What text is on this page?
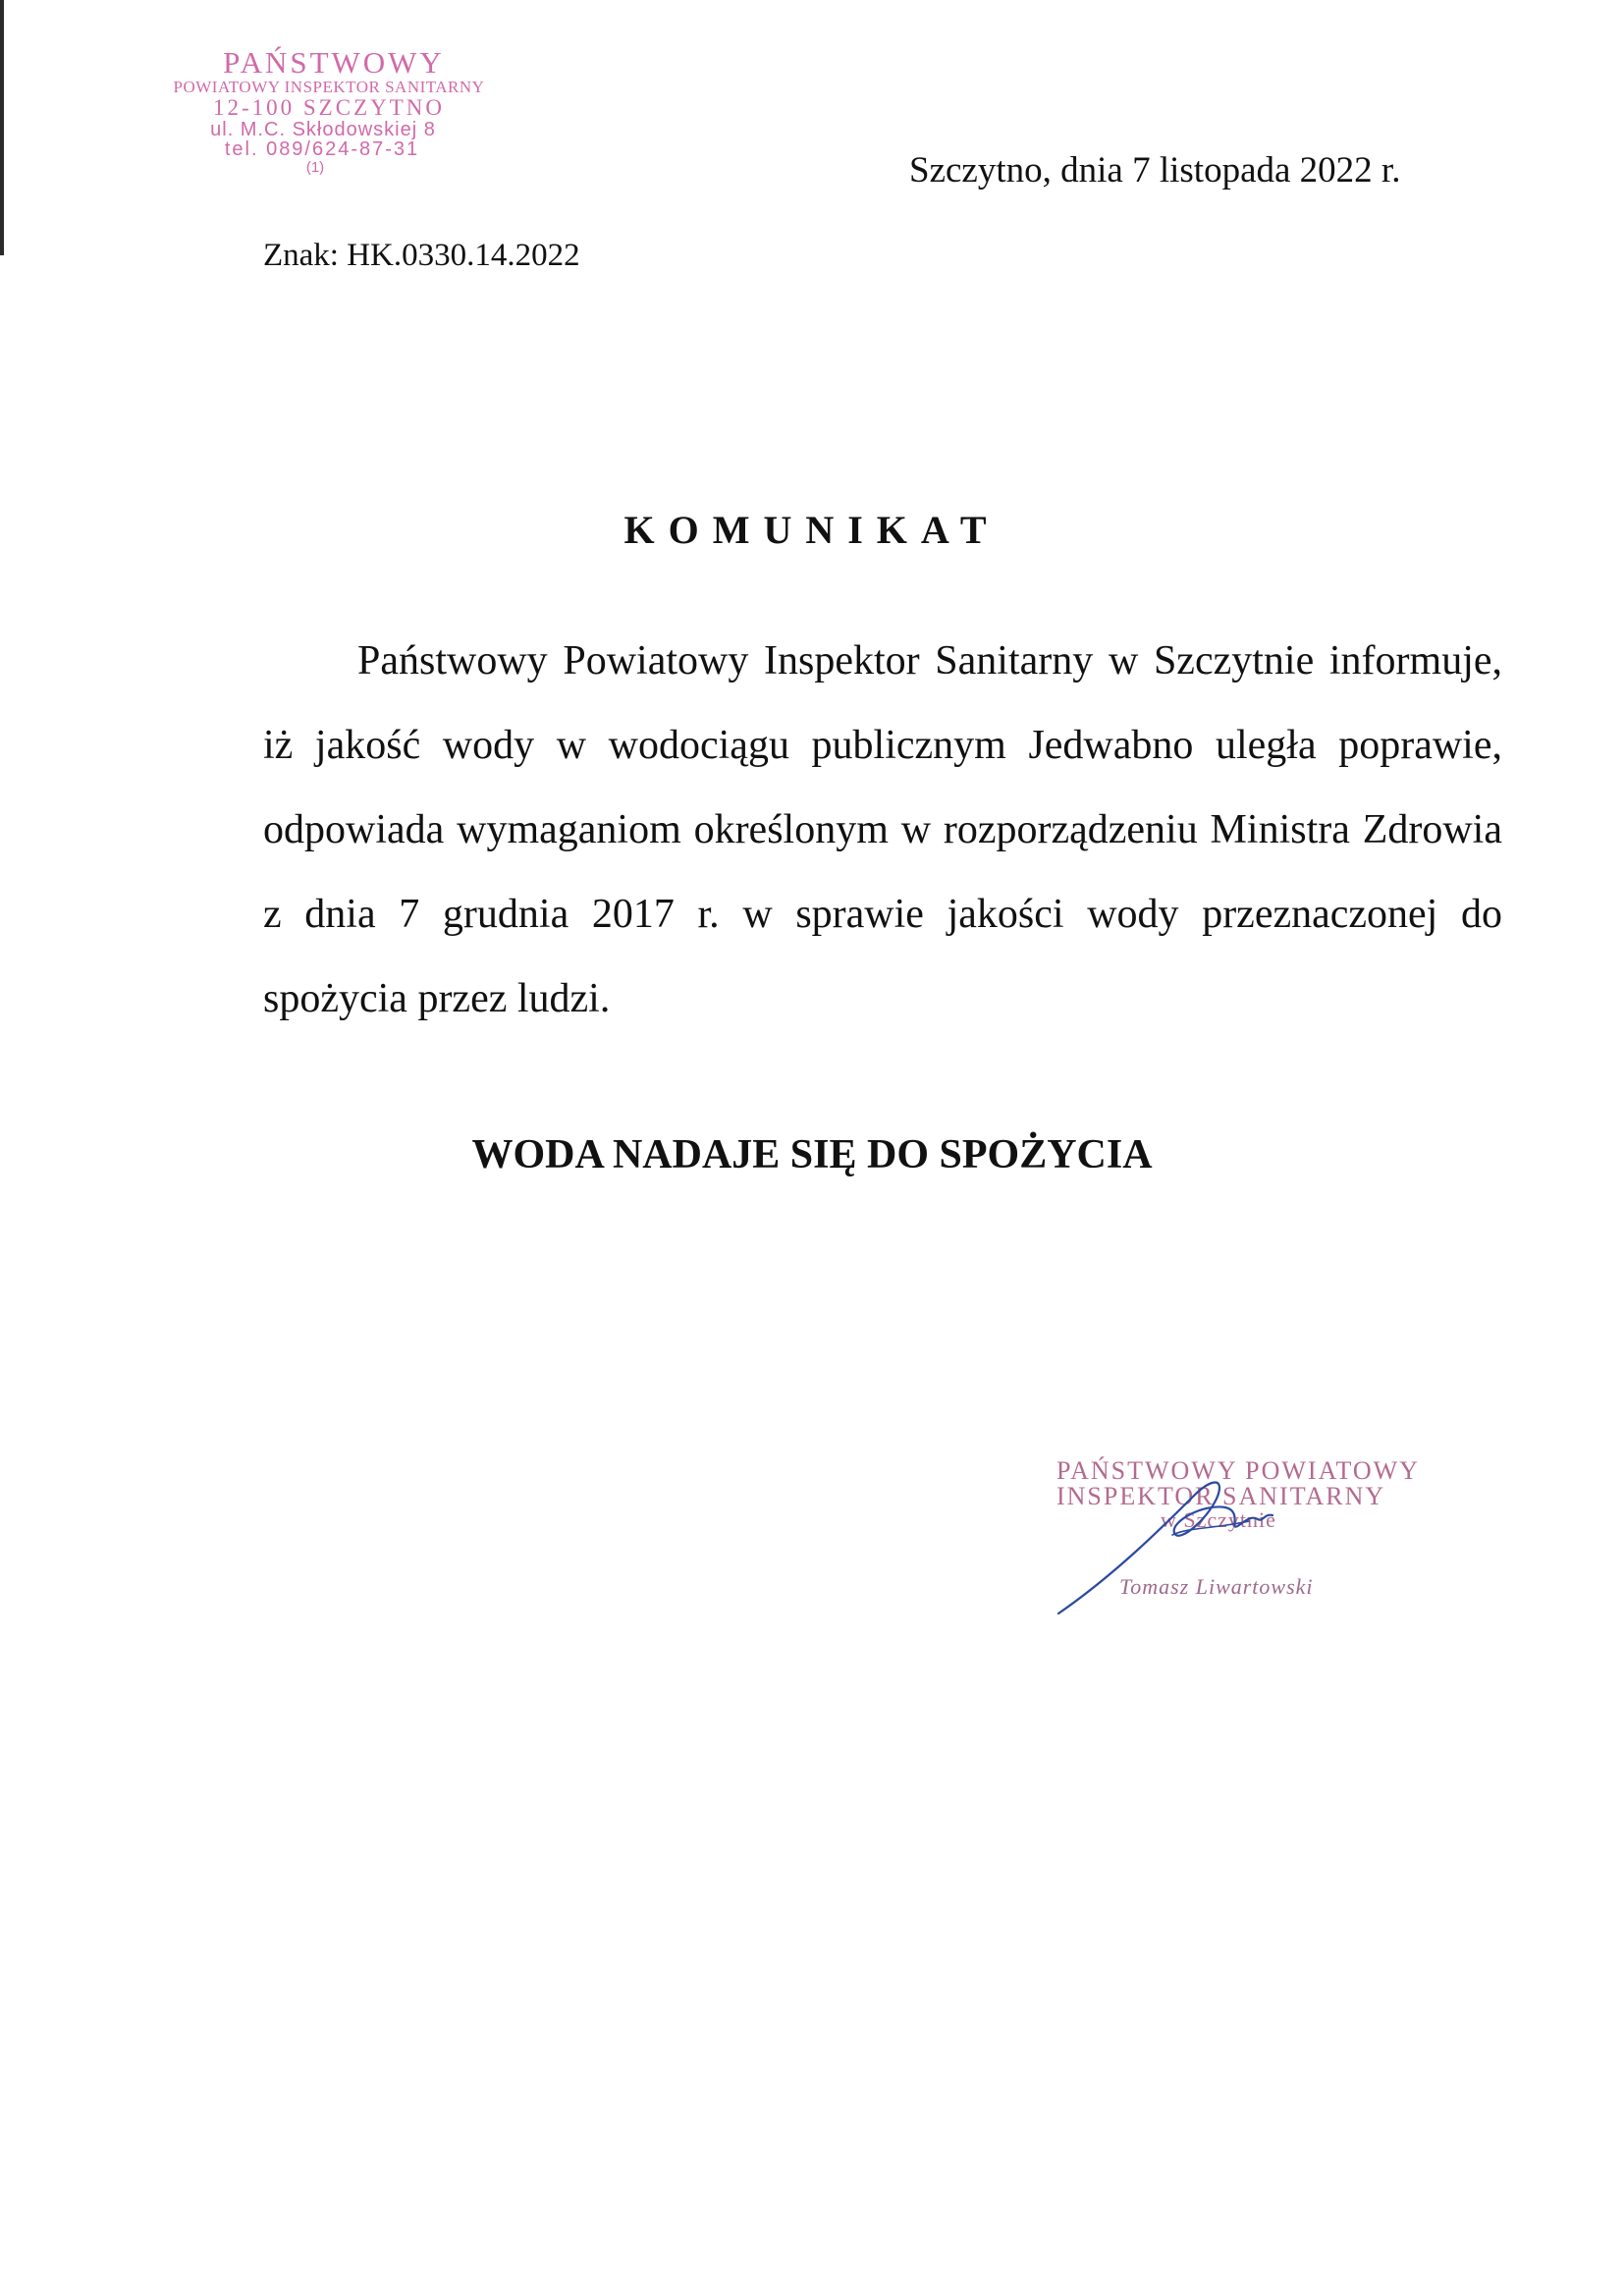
PAŃSTWOWY
POWIATOWY INSPEKTOR SANITARNY
12-100 SZCZYTNO
ul. M.C. Skłodowskiej 8
tel. 089/624-87-31
(1)	Szczytno, dnia 7 listopada 2022 r.
Znak: HK.0330.14.2022
KOMUNIKAT

Państwowy Powiatowy Inspektor Sanitarny w Szczytnie informuje, iż jakość wody w wodociągu publicznym Jedwabno uległa poprawie, odpowiada wymaganiom określonym w rozporządzeniu Ministra Zdrowia z dnia 7 grudnia 2017 r. w sprawie jakości wody przeznaczonej do spożycia przez ludzi.

WODA NADAJE SIĘ DO SPOŻYCIA
PAŃSTWOWY POWIATOWY
INSPEKTOR SANITARNY
w Szczytnie
Tomasz Liwartowski
